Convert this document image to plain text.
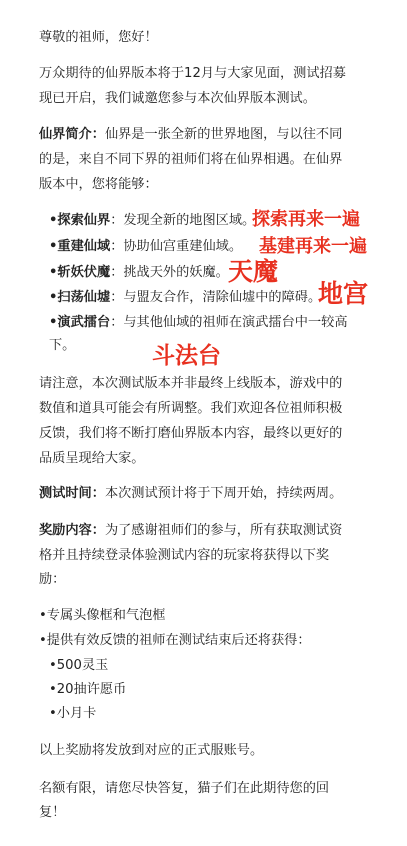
尊敬的祖师，您好！
万众期待的仙界版本将于12月与大家见面，测试招募
现已开启，我们诚邀您参与本次仙界版本测试。
仙界简介：仙界是一张全新的世界地图，与以往不同
的是，来自不同下界的祖师们将在仙界相遇。在仙界
版本中，您将能够：
•探索仙界：发现全新的地图区域。
•重建仙域：协助仙宫重建仙域。
•斩妖伏魔：挑战天外的妖魔。
•扫荡仙墟：与盟友合作，清除仙墟中的障碍。
•演武擂台：与其他仙域的祖师在演武擂台中一较高
下。
请注意，本次测试版本并非最终上线版本，游戏中的
数值和道具可能会有所调整。我们欢迎各位祖师积极
反馈，我们将不断打磨仙界版本内容，最终以更好的
品质呈现给大家。
测试时间：本次测试预计将于下周开始，持续两周。
奖励内容：为了感谢祖师们的参与，所有获取测试资
格并且持续登录体验测试内容的玩家将获得以下奖
励：
•专属头像框和气泡框
•提供有效反馈的祖师在测试结束后还将获得：
•500灵玉
•20抽许愿币
•小月卡
以上奖励将发放到对应的正式服账号。
名额有限，请您尽快答复，猫子们在此期待您的回
复！
探索再来一遍
基建再来一遍
天魔
地宫
斗法台
